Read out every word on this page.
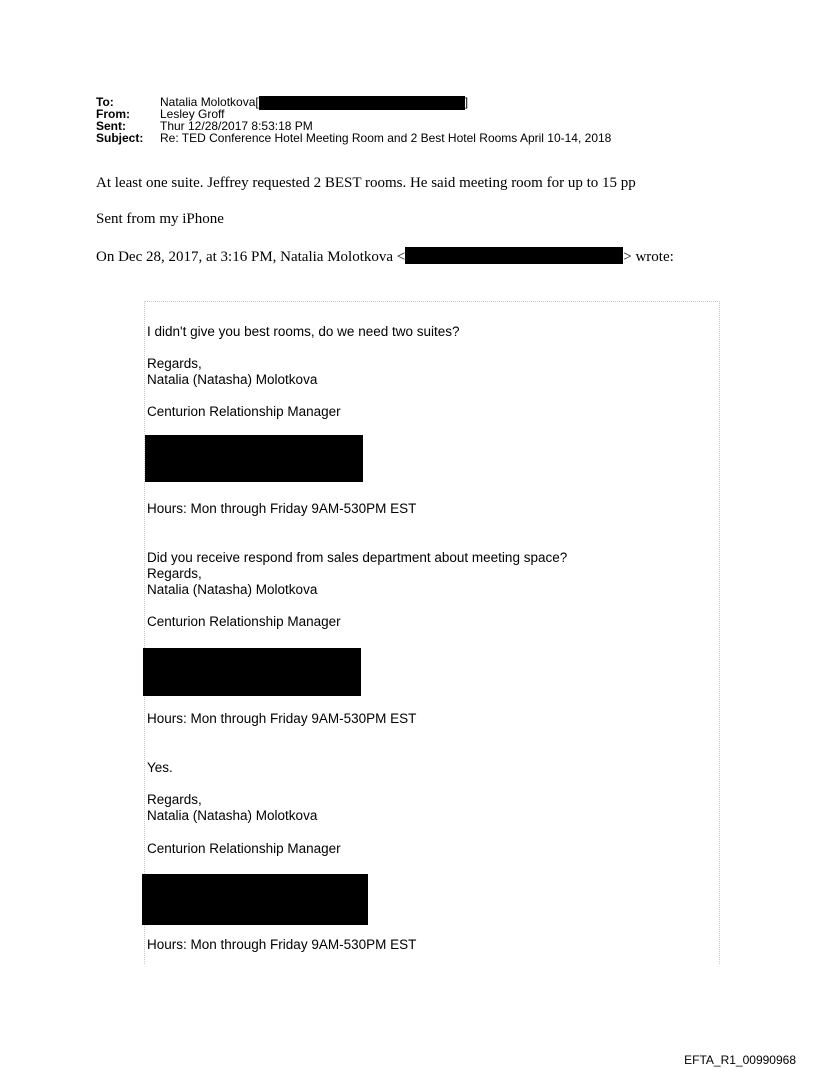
To:	Natalia Molotkova[	]
From:	Lesley Groff
Sent:	Thur 12/28/2017 8:53:18 PM
Subject:	Re: TED Conference Hotel Meeting Room and 2 Best Hotel Rooms April 10-14, 2018
At least one suite. Jeffrey requested 2 BEST rooms. He said meeting room for up to 15 pp
Sent from my iPhone
On Dec 28, 2017, at 3:16 PM, Natalia Molotkova <	> wrote:
I didn't give you best rooms, do we need two suites?
Regards,
Natalia (Natasha) Molotkova
Centurion Relationship Manager
Hours: Mon through Friday 9AM-530PM EST
Did you receive respond from sales department about meeting space?
Regards,
Natalia (Natasha) Molotkova
Centurion Relationship Manager
Hours: Mon through Friday 9AM-530PM EST
Yes.
Regards,
Natalia (Natasha) Molotkova
Centurion Relationship Manager
Hours: Mon through Friday 9AM-530PM EST
EFTA_R1_00990968
